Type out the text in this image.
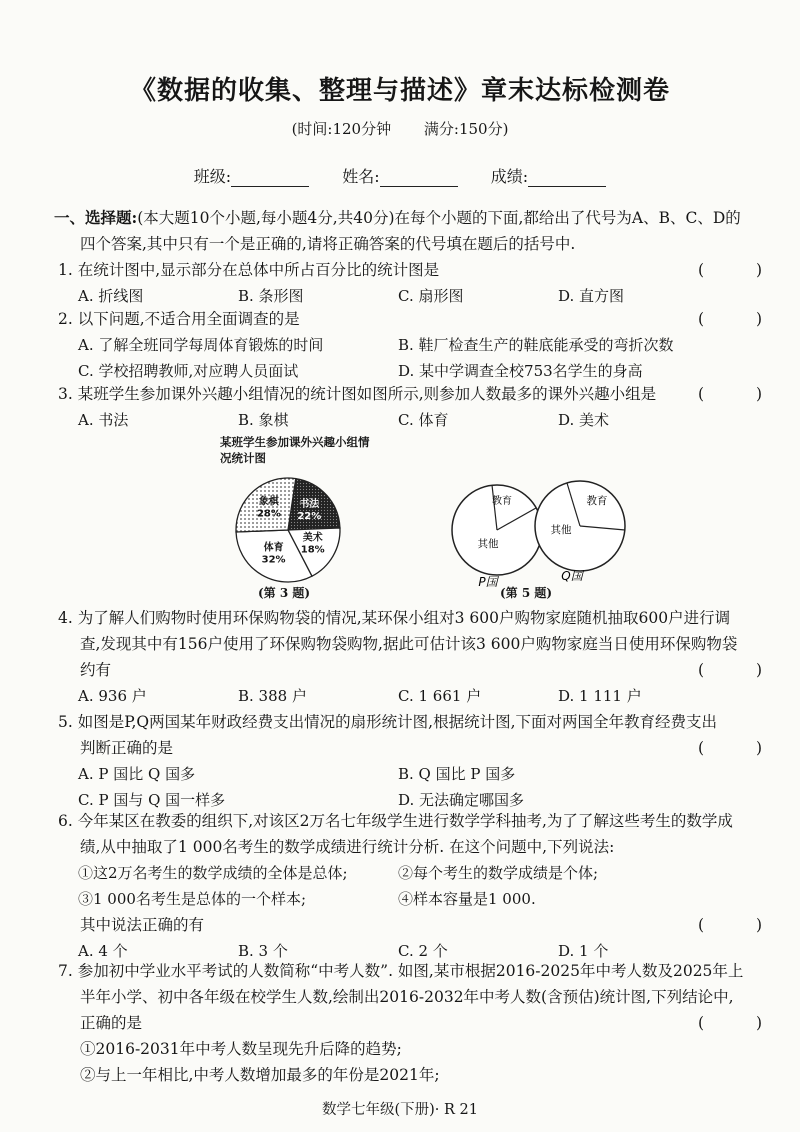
《数据的收集、整理与描述》章末达标检测卷
(时间:120分钟 满分:150分)
班级:	姓名:	成绩:
一、选择题:(本大题10个小题,每小题4分,共40分)在每个小题的下面,都给出了代号为A、B、C、D的
四个答案,其中只有一个是正确的,请将正确答案的代号填在题后的括号中.
1. 在统计图中,显示部分在总体中所占百分比的统计图是	(	)
A. 折线图	B. 条形图	C. 扇形图	D. 直方图
2. 以下问题,不适合用全面调查的是	(	)
A. 了解全班同学每周体育锻炼的时间	B. 鞋厂检查生产的鞋底能承受的弯折次数
C. 学校招聘教师,对应聘人员面试	D. 某中学调查全校753名学生的身高
3. 某班学生参加课外兴趣小组情况的统计图如图所示,则参加人数最多的课外兴趣小组是	(	)
A. 书法	B. 象棋	C. 体育	D. 美术
某班学生参加课外兴趣小组情况统计图
书法
22%
美术
18%
体育
32%
象棋
28%
教育
其他
教育
其他
P国	Q国
(第 3 题)	(第 5 题)
4. 为了解人们购物时使用环保购物袋的情况,某环保小组对3 600户购物家庭随机抽取600户进行调
查,发现其中有156户使用了环保购物袋购物,据此可估计该3 600户购物家庭当日使用环保购物袋
约有	(	)
A. 936 户	B. 388 户	C. 1 661 户	D. 1 111 户
5. 如图是P,Q两国某年财政经费支出情况的扇形统计图,根据统计图,下面对两国全年教育经费支出
判断正确的是	(	)
A. P 国比 Q 国多	B. Q 国比 P 国多
C. P 国与 Q 国一样多	D. 无法确定哪国多
6. 今年某区在教委的组织下,对该区2万名七年级学生进行数学学科抽考,为了了解这些考生的数学成
绩,从中抽取了1 000名考生的数学成绩进行统计分析. 在这个问题中,下列说法:
①这2万名考生的数学成绩的全体是总体;	②每个考生的数学成绩是个体;
③1 000名考生是总体的一个样本;	④样本容量是1 000.
其中说法正确的有	(	)
A. 4 个	B. 3 个	C. 2 个	D. 1 个
7. 参加初中学业水平考试的人数简称“中考人数”. 如图,某市根据2016-2025年中考人数及2025年上
半年小学、初中各年级在校学生人数,绘制出2016-2032年中考人数(含预估)统计图,下列结论中,
正确的是	(	)
①2016-2031年中考人数呈现先升后降的趋势;
②与上一年相比,中考人数增加最多的年份是2021年;
数学七年级(下册)· R 21
